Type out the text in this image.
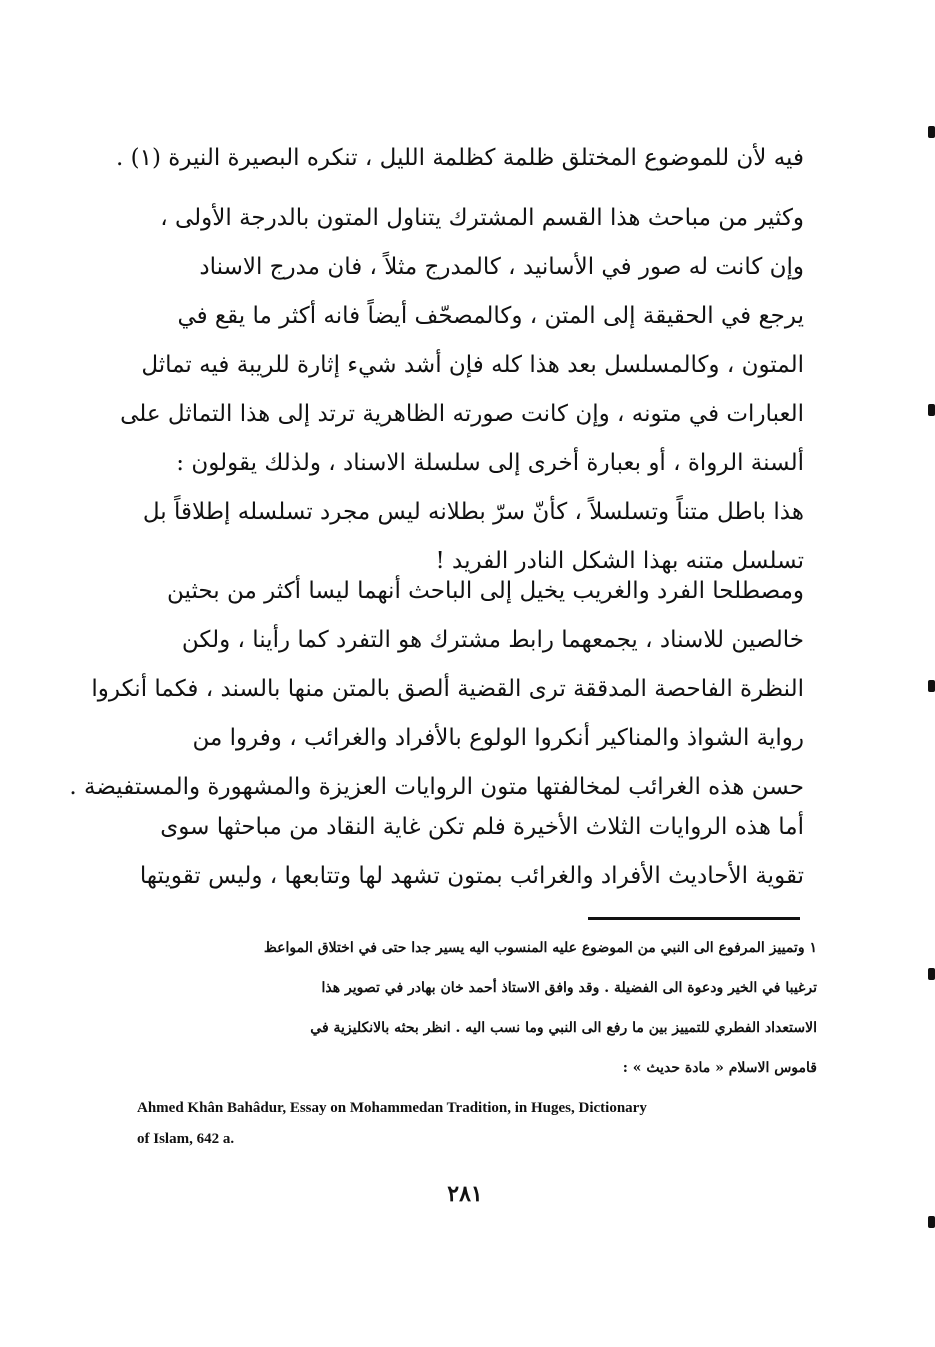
فيه لأن للموضوع المختلق ظلمة كظلمة الليل ، تنكره البصيرة النيرة (١) .
وكثير من مباحث هذا القسم المشترك يتناول المتون بالدرجة الأولى ،
وإن كانت له صور في الأسانيد ، كالمدرج مثلاً ، فان مدرج الاسناد
يرجع في الحقيقة إلى المتن ، وكالمصحّف أيضاً فانه أكثر ما يقع في
المتون ، وكالمسلسل بعد هذا كله فإن أشد شيء إثارة للريبة فيه تماثل
العبارات في متونه ، وإن كانت صورته الظاهرية ترتد إلى هذا التماثل على
ألسنة الرواة ، أو بعبارة أخرى إلى سلسلة الاسناد ، ولذلك يقولون :
هذا باطل متناً وتسلسلاً ، كأنّ سرّ بطلانه ليس مجرد تسلسله إطلاقاً بل
تسلسل متنه بهذا الشكل النادر الفريد !
ومصطلحا الفرد والغريب يخيل إلى الباحث أنهما ليسا أكثر من بحثين
خالصين للاسناد ، يجمعهما رابط مشترك هو التفرد كما رأينا ، ولكن
النظرة الفاحصة المدققة ترى القضية ألصق بالمتن منها بالسند ، فكما أنكروا
رواية الشواذ والمناكير أنكروا الولوع بالأفراد والغرائب ، وفروا من
حسن هذه الغرائب لمخالفتها متون الروايات العزيزة والمشهورة والمستفيضة .
أما هذه الروايات الثلاث الأخيرة فلم تكن غاية النقاد من مباحثها سوى
تقوية الأحاديث الأفراد والغرائب بمتون تشهد لها وتتابعها ، وليس تقويتها
١ وتمييز المرفوع الى النبي من الموضوع عليه المنسوب اليه يسير جدا حتى في اختلاق المواعظ
ترغيبا في الخير ودعوة الى الفضيلة . وقد وافق الاستاذ أحمد خان بهادر في تصوير هذا
الاستعداد الفطري للتمييز بين ما رفع الى النبي وما نسب اليه . انظر بحثه بالانكليزية في
قاموس الاسلام « مادة حديث » :
Ahmed Khân Bahâdur, Essay on Mohammedan Tradition, in Huges, Dictionary
of Islam, 642 a.
٢٨١
